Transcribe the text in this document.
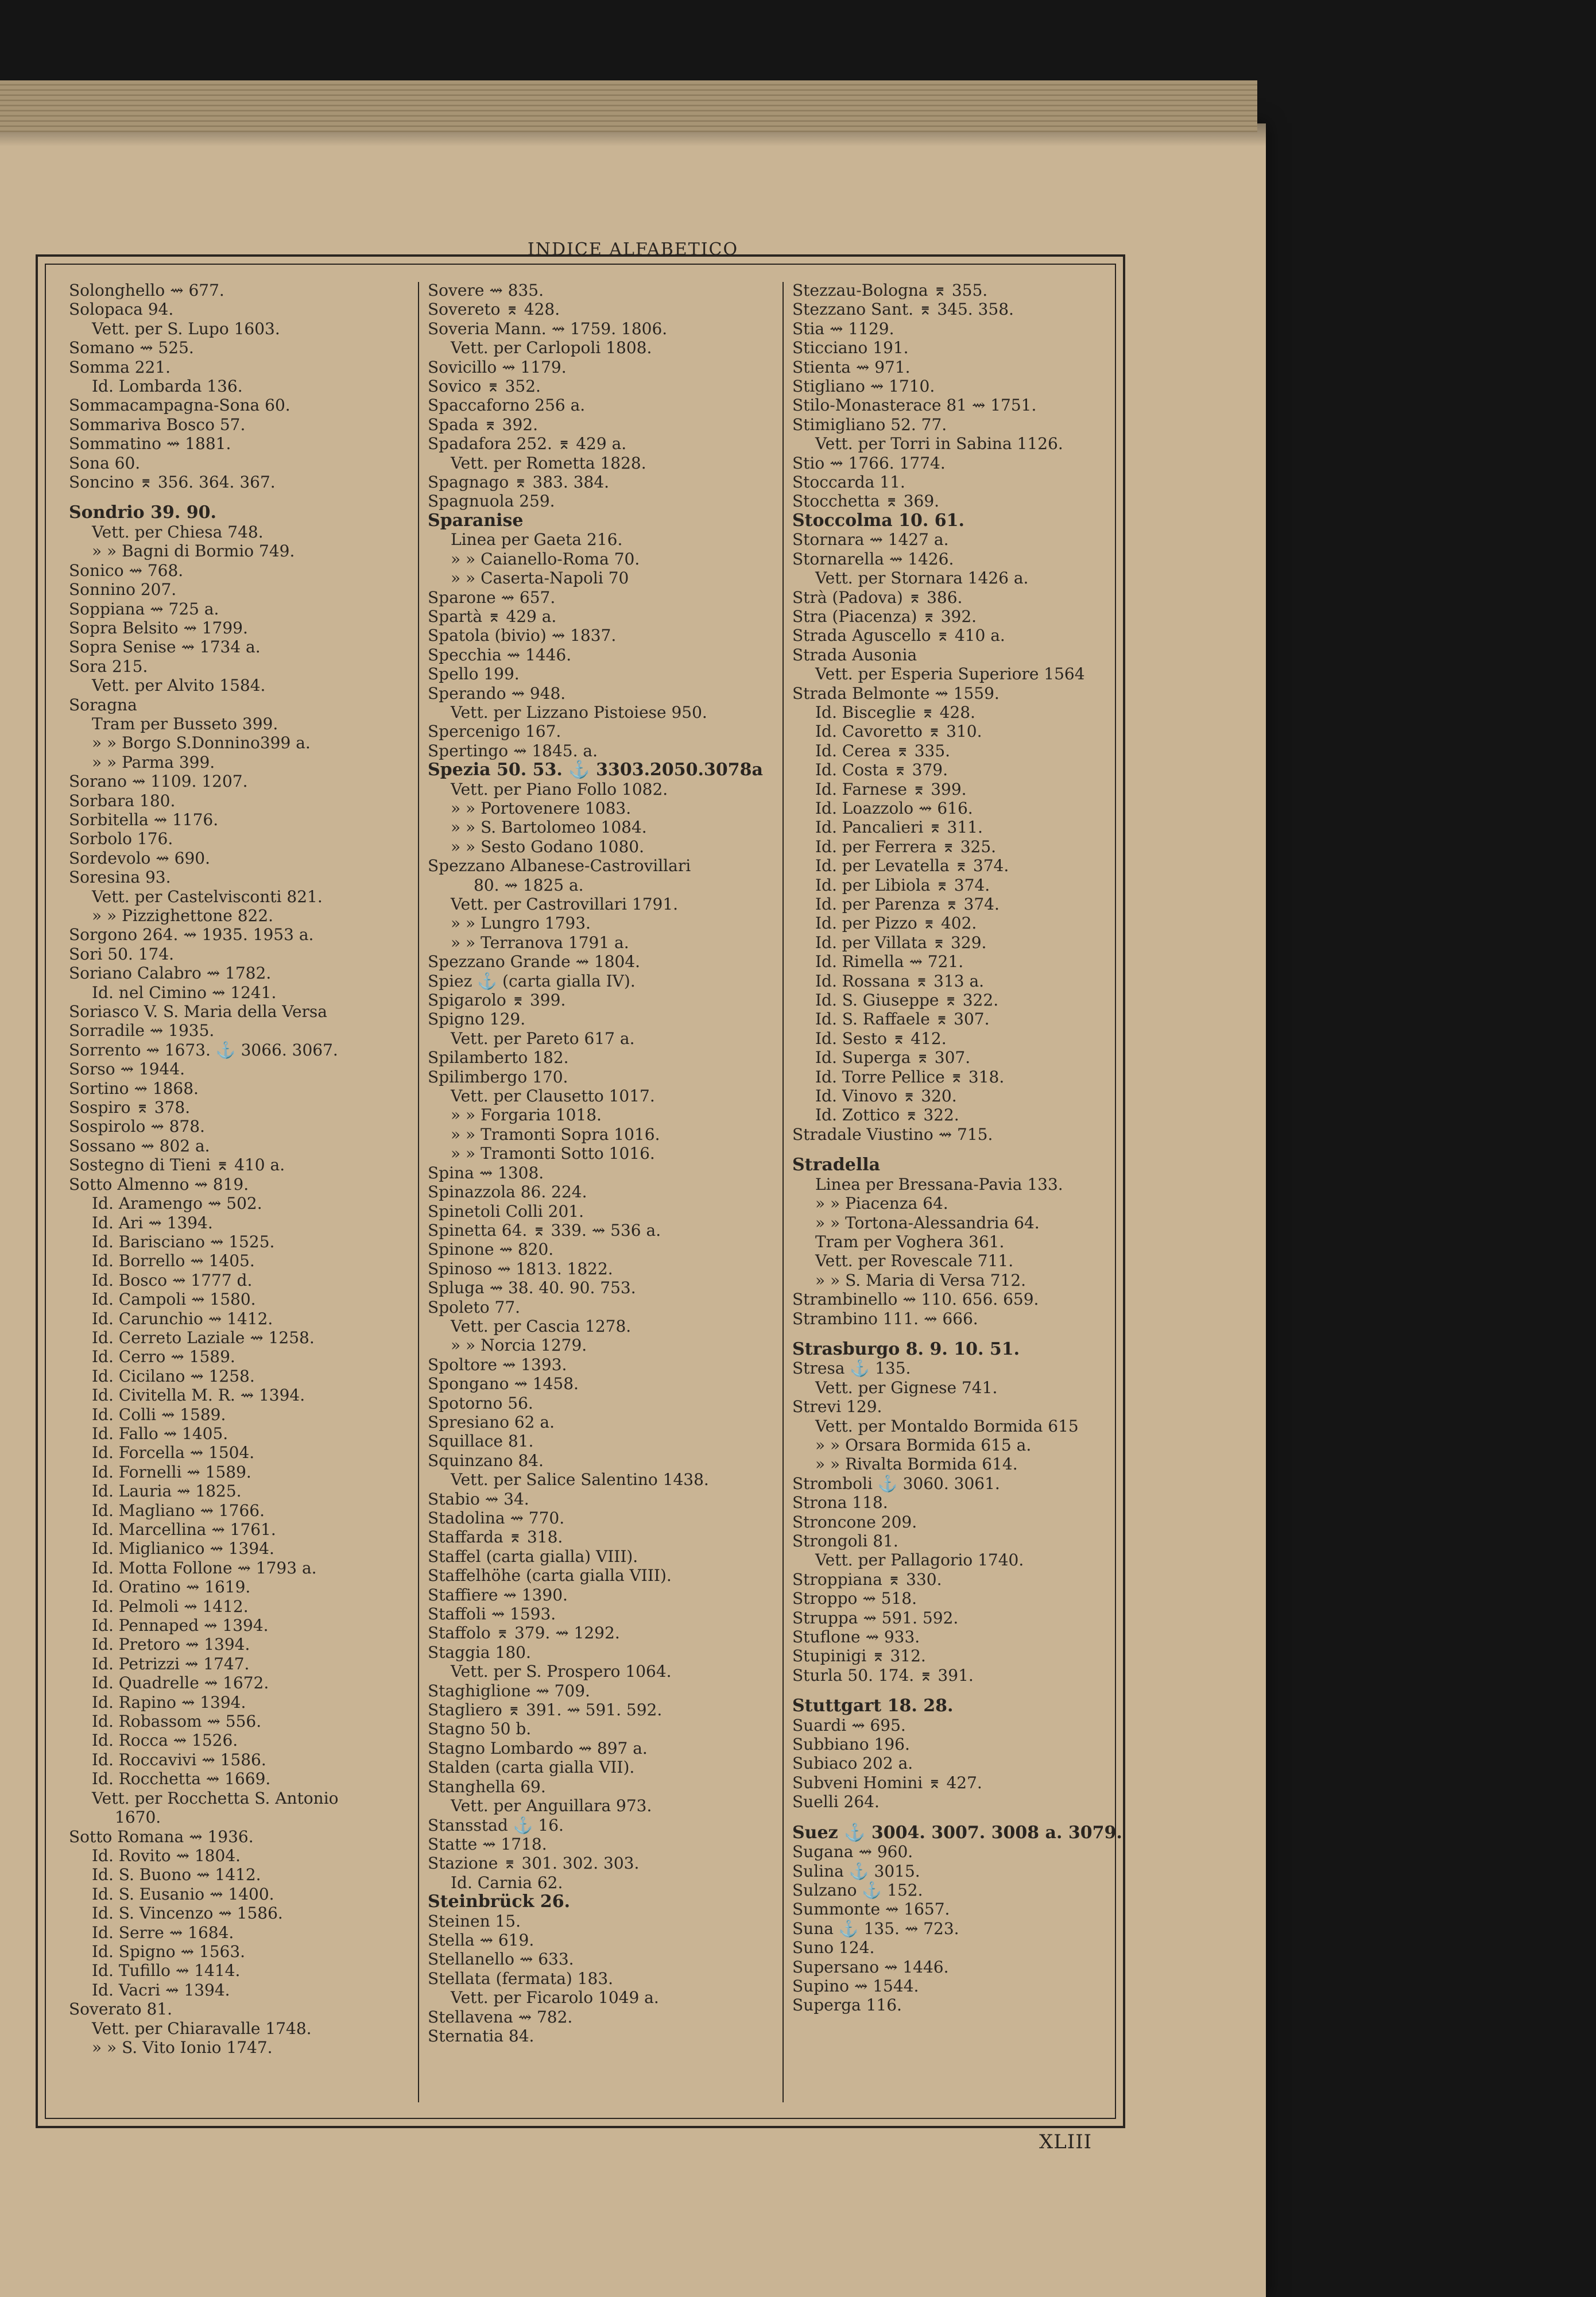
INDICE ALFABETICO
Solonghello ⇝ 677.
Solopaca 94.
Vett. per S. Lupo 1603.
Somano ⇝ 525.
Somma 221.
Id. Lombarda 136.
Sommacampagna-Sona 60.
Sommariva Bosco 57.
Sommatino ⇝ 1881.
Sona 60.
Soncino ⌆ 356. 364. 367.
Sondrio 39. 90.
Vett. per Chiesa 748.
» » Bagni di Bormio 749.
Sonico ⇝ 768.
Sonnino 207.
Soppiana ⇝ 725 a.
Sopra Belsito ⇝ 1799.
Sopra Senise ⇝ 1734 a.
Sora 215.
Vett. per Alvito 1584.
Soragna
Tram per Busseto 399.
» » Borgo S.Donnino399 a.
» » Parma 399.
Sorano ⇝ 1109. 1207.
Sorbara 180.
Sorbitella ⇝ 1176.
Sorbolo 176.
Sordevolo ⇝ 690.
Soresina 93.
Vett. per Castelvisconti 821.
» » Pizzighettone 822.
Sorgono 264. ⇝ 1935. 1953 a.
Sori 50. 174.
Soriano Calabro ⇝ 1782.
Id. nel Cimino ⇝ 1241.
Soriasco V. S. Maria della Versa
Sorradile ⇝ 1935.
Sorrento ⇝ 1673. ⚓ 3066. 3067.
Sorso ⇝ 1944.
Sortino ⇝ 1868.
Sospiro ⌆ 378.
Sospirolo ⇝ 878.
Sossano ⇝ 802 a.
Sostegno di Tieni ⌆ 410 a.
Sotto Almenno ⇝ 819.
Id. Aramengo ⇝ 502.
Id. Ari ⇝ 1394.
Id. Barisciano ⇝ 1525.
Id. Borrello ⇝ 1405.
Id. Bosco ⇝ 1777 d.
Id. Campoli ⇝ 1580.
Id. Carunchio ⇝ 1412.
Id. Cerreto Laziale ⇝ 1258.
Id. Cerro ⇝ 1589.
Id. Cicilano ⇝ 1258.
Id. Civitella M. R. ⇝ 1394.
Id. Colli ⇝ 1589.
Id. Fallo ⇝ 1405.
Id. Forcella ⇝ 1504.
Id. Fornelli ⇝ 1589.
Id. Lauria ⇝ 1825.
Id. Magliano ⇝ 1766.
Id. Marcellina ⇝ 1761.
Id. Miglianico ⇝ 1394.
Id. Motta Follone ⇝ 1793 a.
Id. Oratino ⇝ 1619.
Id. Pelmoli ⇝ 1412.
Id. Pennaped ⇝ 1394.
Id. Pretoro ⇝ 1394.
Id. Petrizzi ⇝ 1747.
Id. Quadrelle ⇝ 1672.
Id. Rapino ⇝ 1394.
Id. Robassom ⇝ 556.
Id. Rocca ⇝ 1526.
Id. Roccavivi ⇝ 1586.
Id. Rocchetta ⇝ 1669.
Vett. per Rocchetta S. Antonio
1670.
Sotto Romana ⇝ 1936.
Id. Rovito ⇝ 1804.
Id. S. Buono ⇝ 1412.
Id. S. Eusanio ⇝ 1400.
Id. S. Vincenzo ⇝ 1586.
Id. Serre ⇝ 1684.
Id. Spigno ⇝ 1563.
Id. Tufillo ⇝ 1414.
Id. Vacri ⇝ 1394.
Soverato 81.
Vett. per Chiaravalle 1748.
» » S. Vito Ionio 1747.
Sovere ⇝ 835.
Sovereto ⌆ 428.
Soveria Mann. ⇝ 1759. 1806.
Vett. per Carlopoli 1808.
Sovicillo ⇝ 1179.
Sovico ⌆ 352.
Spaccaforno 256 a.
Spada ⌆ 392.
Spadafora 252. ⌆ 429 a.
Vett. per Rometta 1828.
Spagnago ⌆ 383. 384.
Spagnuola 259.
Sparanise
Linea per Gaeta 216.
» » Caianello-Roma 70.
» » Caserta-Napoli 70
Sparone ⇝ 657.
Spartà ⌆ 429 a.
Spatola (bivio) ⇝ 1837.
Specchia ⇝ 1446.
Spello 199.
Sperando ⇝ 948.
Vett. per Lizzano Pistoiese 950.
Spercenigo 167.
Spertingo ⇝ 1845. a.
Spezia 50. 53. ⚓ 3303.2050.3078a
Vett. per Piano Follo 1082.
» » Portovenere 1083.
» » S. Bartolomeo 1084.
» » Sesto Godano 1080.
Spezzano Albanese-Castrovillari
80. ⇝ 1825 a.
Vett. per Castrovillari 1791.
» » Lungro 1793.
» » Terranova 1791 a.
Spezzano Grande ⇝ 1804.
Spiez ⚓ (carta gialla IV).
Spigarolo ⌆ 399.
Spigno 129.
Vett. per Pareto 617 a.
Spilamberto 182.
Spilimbergo 170.
Vett. per Clausetto 1017.
» » Forgaria 1018.
» » Tramonti Sopra 1016.
» » Tramonti Sotto 1016.
Spina ⇝ 1308.
Spinazzola 86. 224.
Spinetoli Colli 201.
Spinetta 64. ⌆ 339. ⇝ 536 a.
Spinone ⇝ 820.
Spinoso ⇝ 1813. 1822.
Spluga ⇝ 38. 40. 90. 753.
Spoleto 77.
Vett. per Cascia 1278.
» » Norcia 1279.
Spoltore ⇝ 1393.
Spongano ⇝ 1458.
Spotorno 56.
Spresiano 62 a.
Squillace 81.
Squinzano 84.
Vett. per Salice Salentino 1438.
Stabio ⇝ 34.
Stadolina ⇝ 770.
Staffarda ⌆ 318.
Staffel (carta gialla) VIII).
Staffelhöhe (carta gialla VIII).
Staffiere ⇝ 1390.
Staffoli ⇝ 1593.
Staffolo ⌆ 379. ⇝ 1292.
Staggia 180.
Vett. per S. Prospero 1064.
Staghiglione ⇝ 709.
Stagliero ⌆ 391. ⇝ 591. 592.
Stagno 50 b.
Stagno Lombardo ⇝ 897 a.
Stalden (carta gialla VII).
Stanghella 69.
Vett. per Anguillara 973.
Stansstad ⚓ 16.
Statte ⇝ 1718.
Stazione ⌆ 301. 302. 303.
Id. Carnia 62.
Steinbrück 26.
Steinen 15.
Stella ⇝ 619.
Stellanello ⇝ 633.
Stellata (fermata) 183.
Vett. per Ficarolo 1049 a.
Stellavena ⇝ 782.
Sternatia 84.
Stezzau-Bologna ⌆ 355.
Stezzano Sant. ⌆ 345. 358.
Stia ⇝ 1129.
Sticciano 191.
Stienta ⇝ 971.
Stigliano ⇝ 1710.
Stilo-Monasterace 81 ⇝ 1751.
Stimigliano 52. 77.
Vett. per Torri in Sabina 1126.
Stio ⇝ 1766. 1774.
Stoccarda 11.
Stocchetta ⌆ 369.
Stoccolma 10. 61.
Stornara ⇝ 1427 a.
Stornarella ⇝ 1426.
Vett. per Stornara 1426 a.
Strà (Padova) ⌆ 386.
Stra (Piacenza) ⌆ 392.
Strada Aguscello ⌆ 410 a.
Strada Ausonia
Vett. per Esperia Superiore 1564
Strada Belmonte ⇝ 1559.
Id. Bisceglie ⌆ 428.
Id. Cavoretto ⌆ 310.
Id. Cerea ⌆ 335.
Id. Costa ⌆ 379.
Id. Farnese ⌆ 399.
Id. Loazzolo ⇝ 616.
Id. Pancalieri ⌆ 311.
Id. per Ferrera ⌆ 325.
Id. per Levatella ⌆ 374.
Id. per Libiola ⌆ 374.
Id. per Parenza ⌆ 374.
Id. per Pizzo ⌆ 402.
Id. per Villata ⌆ 329.
Id. Rimella ⇝ 721.
Id. Rossana ⌆ 313 a.
Id. S. Giuseppe ⌆ 322.
Id. S. Raffaele ⌆ 307.
Id. Sesto ⌆ 412.
Id. Superga ⌆ 307.
Id. Torre Pellice ⌆ 318.
Id. Vinovo ⌆ 320.
Id. Zottico ⌆ 322.
Stradale Viustino ⇝ 715.
Stradella
Linea per Bressana-Pavia 133.
» » Piacenza 64.
» » Tortona-Alessandria 64.
Tram per Voghera 361.
Vett. per Rovescale 711.
» » S. Maria di Versa 712.
Strambinello ⇝ 110. 656. 659.
Strambino 111. ⇝ 666.
Strasburgo 8. 9. 10. 51.
Stresa ⚓ 135.
Vett. per Gignese 741.
Strevi 129.
Vett. per Montaldo Bormida 615
» » Orsara Bormida 615 a.
» » Rivalta Bormida 614.
Stromboli ⚓ 3060. 3061.
Strona 118.
Stroncone 209.
Strongoli 81.
Vett. per Pallagorio 1740.
Stroppiana ⌆ 330.
Stroppo ⇝ 518.
Struppa ⇝ 591. 592.
Stuflone ⇝ 933.
Stupinigi ⌆ 312.
Sturla 50. 174. ⌆ 391.
Stuttgart 18. 28.
Suardi ⇝ 695.
Subbiano 196.
Subiaco 202 a.
Subveni Homini ⌆ 427.
Suelli 264.
Suez ⚓ 3004. 3007. 3008 a. 3079.
Sugana ⇝ 960.
Sulina ⚓ 3015.
Sulzano ⚓ 152.
Summonte ⇝ 1657.
Suna ⚓ 135. ⇝ 723.
Suno 124.
Supersano ⇝ 1446.
Supino ⇝ 1544.
Superga 116.
XLIII
